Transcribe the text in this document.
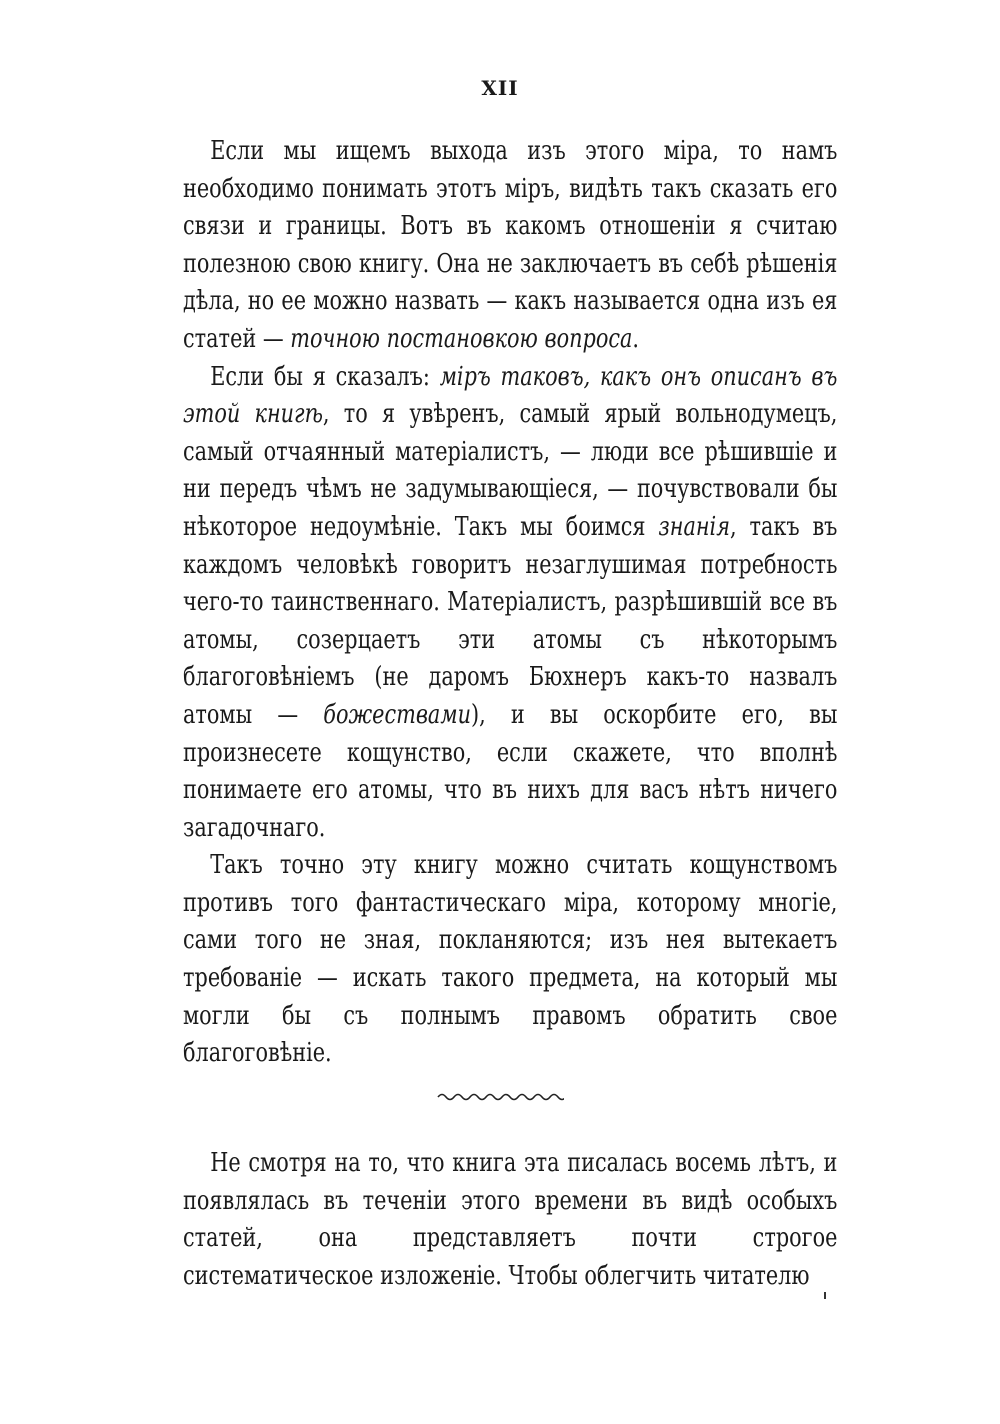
XII

Если мы ищемъ выхода изъ этого міра, то намъ необходимо понимать этотъ міръ, видѣть такъ сказать его связи и границы. Вотъ въ какомъ отношеніи я считаю полезною свою книгу. Она не заключаетъ въ себѣ рѣшенія дѣла, но ее можно назвать — какъ называется одна изъ ея статей — точною постановкою вопроса.

Если бы я сказалъ: міръ таковъ, какъ онъ описанъ въ этой книгѣ, то я увѣренъ, самый ярый вольнодумецъ, самый отчаянный матеріалистъ, — люди все рѣшившіе и ни передъ чѣмъ не задумывающіеся, — почувствовали бы нѣкоторое недоумѣніе. Такъ мы боимся знанія, такъ въ каждомъ человѣкѣ говоритъ незаглушимая потребность чего-то таинственнаго. Матеріалистъ, разрѣшившій все въ атомы, созерцаетъ эти атомы съ нѣкоторымъ благоговѣніемъ (не даромъ Бюхнеръ какъ-то назвалъ атомы — божествами), и вы оскорбите его, вы произнесете кощунство, если скажете, что вполнѣ понимаете его атомы, что въ нихъ для васъ нѣтъ ничего загадочнаго.

Такъ точно эту книгу можно считать кощунствомъ противъ того фантастическаго міра, которому многіе, сами того не зная, покланяются; изъ нея вытекаетъ требованіе — искать такого предмета, на который мы могли бы съ полнымъ правомъ обратить свое благоговѣніе.

Не смотря на то, что книга эта писалась восемь лѣтъ, и появлялась въ теченіи этого времени въ видѣ особыхъ статей, она представляетъ почти строгое систематическое изложеніе. Чтобы облегчить читателю
